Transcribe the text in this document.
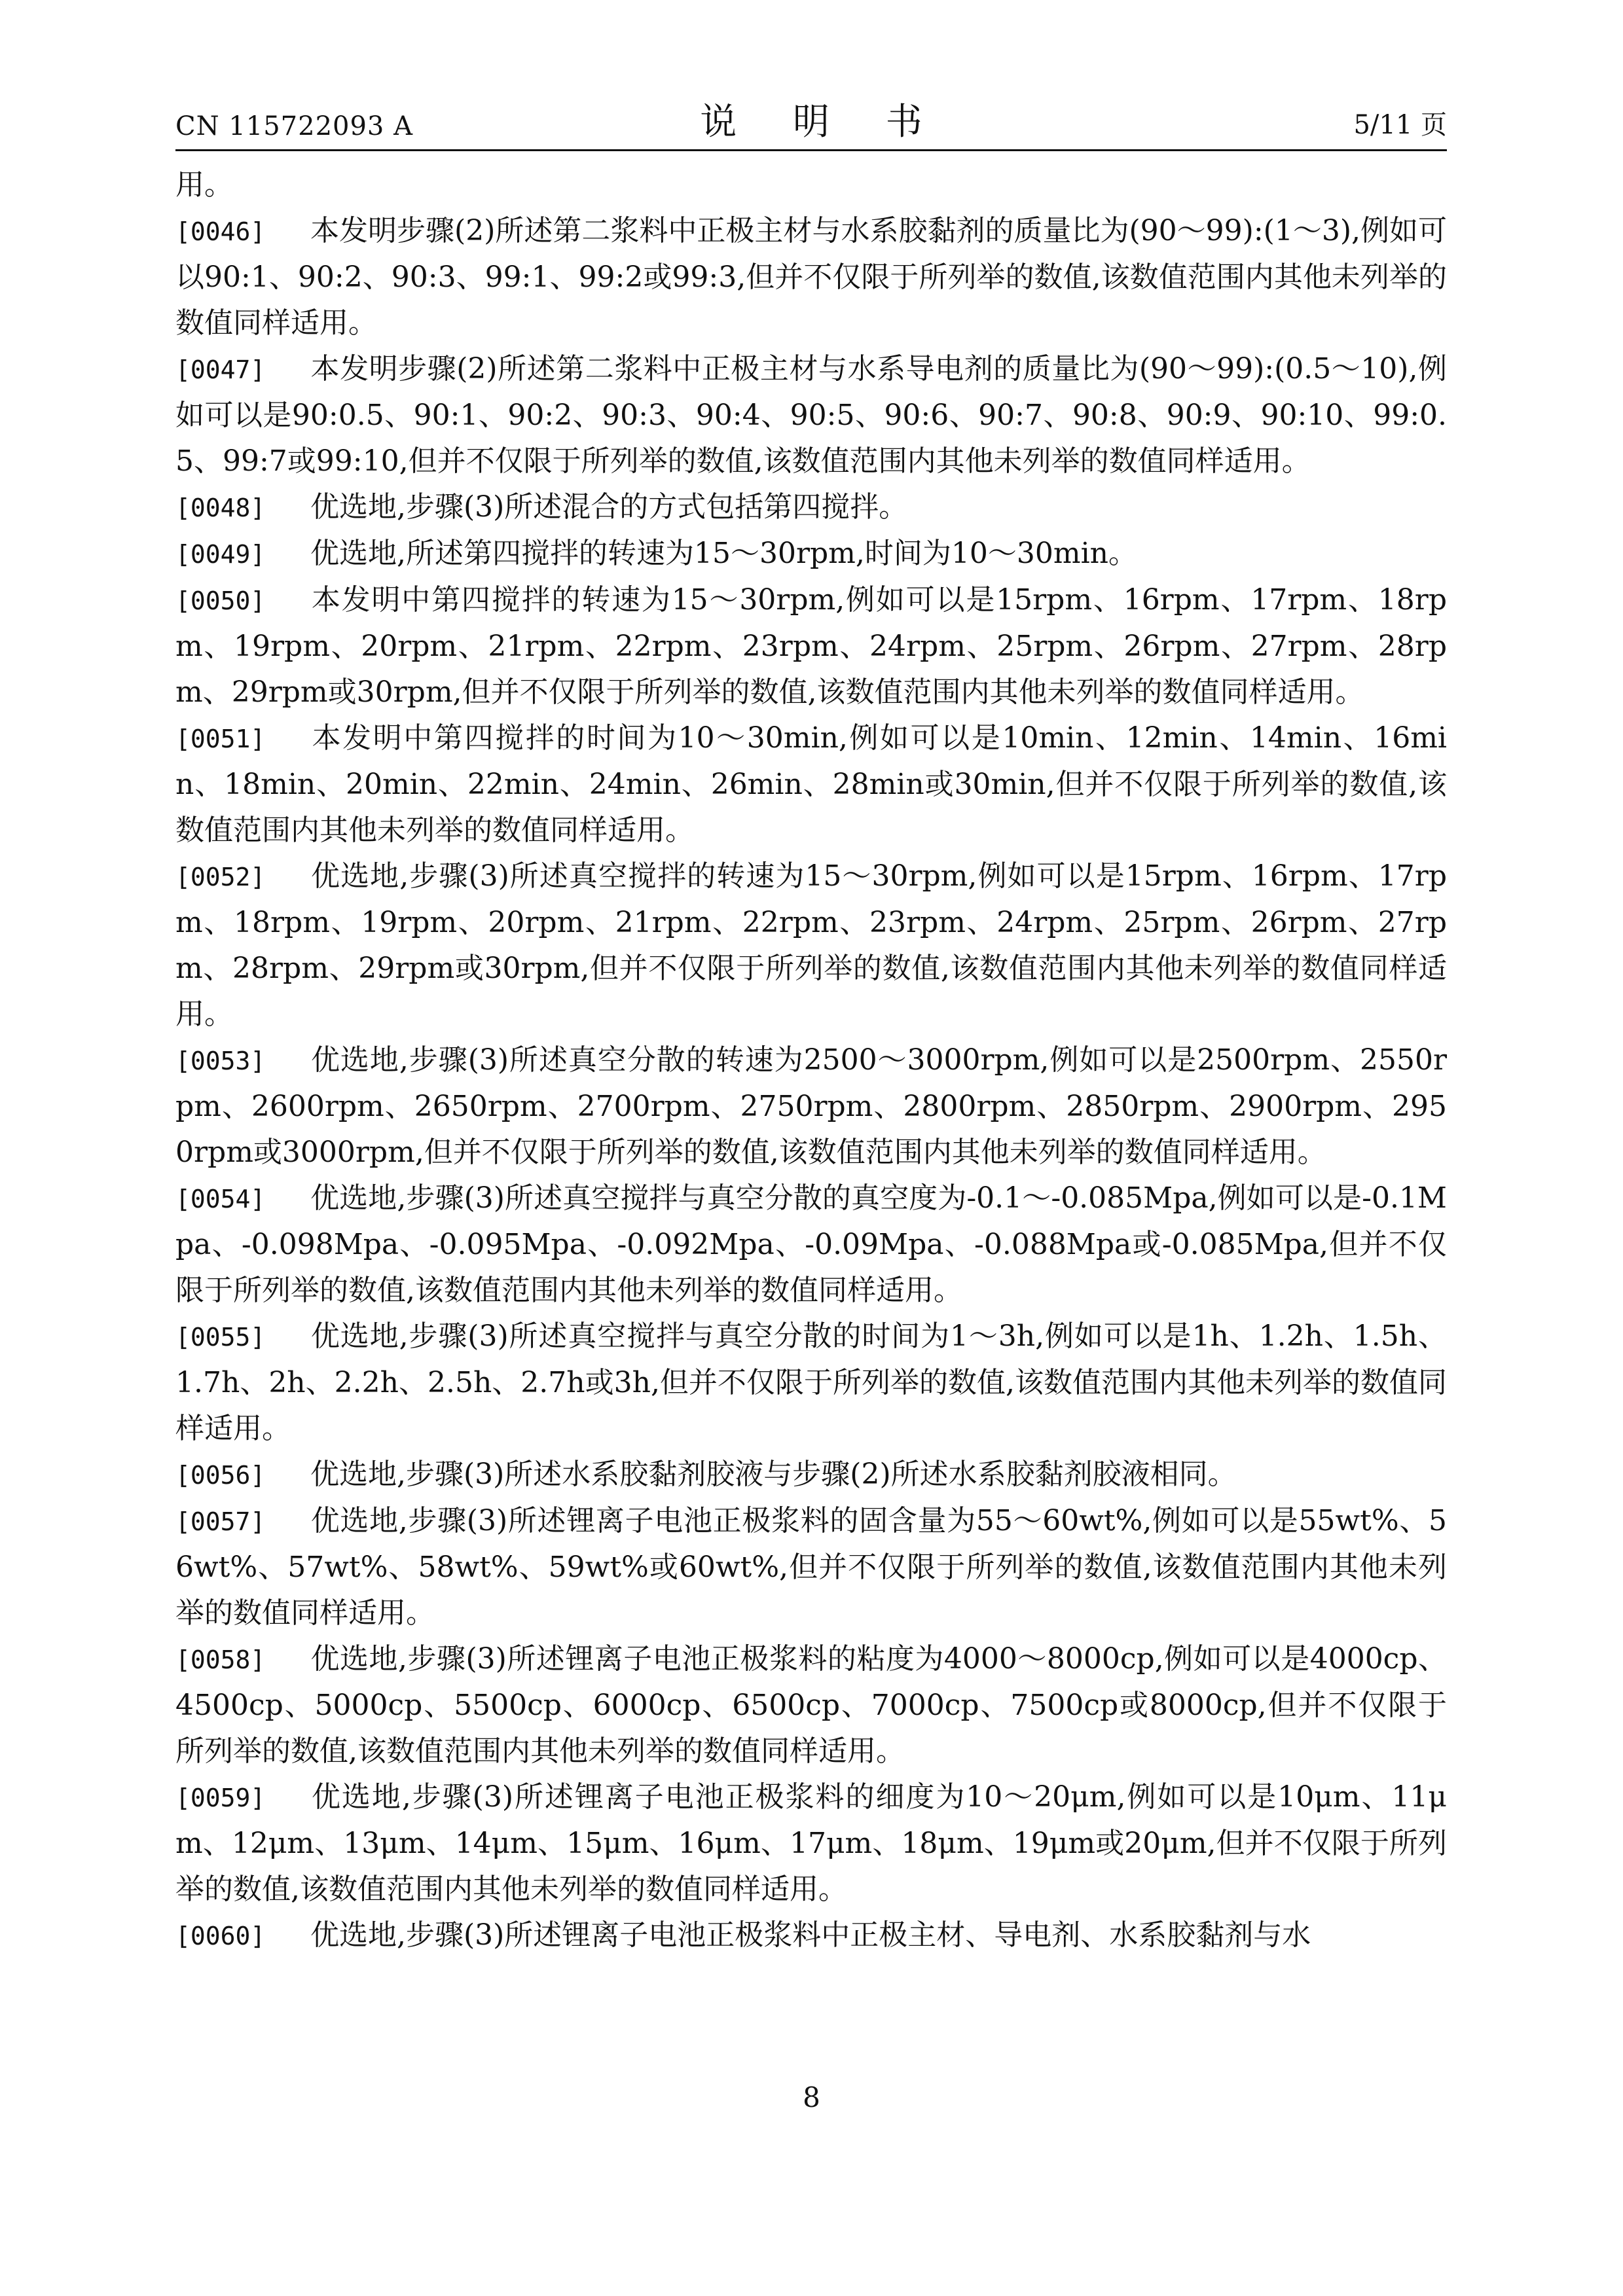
CN 115722093 A	说 明 书	5/11 页

用。

[0046] 本发明步骤(2)所述第二浆料中正极主材与水系胶黏剂的质量比为(90～99):(1～3),例如可以90:1、90:2、90:3、99:1、99:2或99:3,但并不仅限于所列举的数值,该数值范围内其他未列举的数值同样适用。

[0047] 本发明步骤(2)所述第二浆料中正极主材与水系导电剂的质量比为(90～99):(0.5～10),例如可以是90:0.5、90:1、90:2、90:3、90:4、90:5、90:6、90:7、90:8、90:9、90:10、99:0.5、99:7或99:10,但并不仅限于所列举的数值,该数值范围内其他未列举的数值同样适用。

[0048] 优选地,步骤(3)所述混合的方式包括第四搅拌。

[0049] 优选地,所述第四搅拌的转速为15～30rpm,时间为10～30min。

[0050] 本发明中第四搅拌的转速为15～30rpm,例如可以是15rpm、16rpm、17rpm、18rpm、19rpm、20rpm、21rpm、22rpm、23rpm、24rpm、25rpm、26rpm、27rpm、28rpm、29rpm或30rpm,但并不仅限于所列举的数值,该数值范围内其他未列举的数值同样适用。

[0051] 本发明中第四搅拌的时间为10～30min,例如可以是10min、12min、14min、16min、18min、20min、22min、24min、26min、28min或30min,但并不仅限于所列举的数值,该数值范围内其他未列举的数值同样适用。

[0052] 优选地,步骤(3)所述真空搅拌的转速为15～30rpm,例如可以是15rpm、16rpm、17rpm、18rpm、19rpm、20rpm、21rpm、22rpm、23rpm、24rpm、25rpm、26rpm、27rpm、28rpm、29rpm或30rpm,但并不仅限于所列举的数值,该数值范围内其他未列举的数值同样适用。

[0053] 优选地,步骤(3)所述真空分散的转速为2500～3000rpm,例如可以是2500rpm、2550rpm、2600rpm、2650rpm、2700rpm、2750rpm、2800rpm、2850rpm、2900rpm、2950rpm或3000rpm,但并不仅限于所列举的数值,该数值范围内其他未列举的数值同样适用。

[0054] 优选地,步骤(3)所述真空搅拌与真空分散的真空度为-0.1～-0.085Mpa,例如可以是-0.1Mpa、-0.098Mpa、-0.095Mpa、-0.092Mpa、-0.09Mpa、-0.088Mpa或-0.085Mpa,但并不仅限于所列举的数值,该数值范围内其他未列举的数值同样适用。

[0055] 优选地,步骤(3)所述真空搅拌与真空分散的时间为1～3h,例如可以是1h、1.2h、1.5h、1.7h、2h、2.2h、2.5h、2.7h或3h,但并不仅限于所列举的数值,该数值范围内其他未列举的数值同样适用。

[0056] 优选地,步骤(3)所述水系胶黏剂胶液与步骤(2)所述水系胶黏剂胶液相同。

[0057] 优选地,步骤(3)所述锂离子电池正极浆料的固含量为55～60wt%,例如可以是55wt%、56wt%、57wt%、58wt%、59wt%或60wt%,但并不仅限于所列举的数值,该数值范围内其他未列举的数值同样适用。

[0058] 优选地,步骤(3)所述锂离子电池正极浆料的粘度为4000～8000cp,例如可以是4000cp、4500cp、5000cp、5500cp、6000cp、6500cp、7000cp、7500cp或8000cp,但并不仅限于所列举的数值,该数值范围内其他未列举的数值同样适用。

[0059] 优选地,步骤(3)所述锂离子电池正极浆料的细度为10～20μm,例如可以是10μm、11μm、12μm、13μm、14μm、15μm、16μm、17μm、18μm、19μm或20μm,但并不仅限于所列举的数值,该数值范围内其他未列举的数值同样适用。

[0060] 优选地,步骤(3)所述锂离子电池正极浆料中正极主材、导电剂、水系胶黏剂与水

8
